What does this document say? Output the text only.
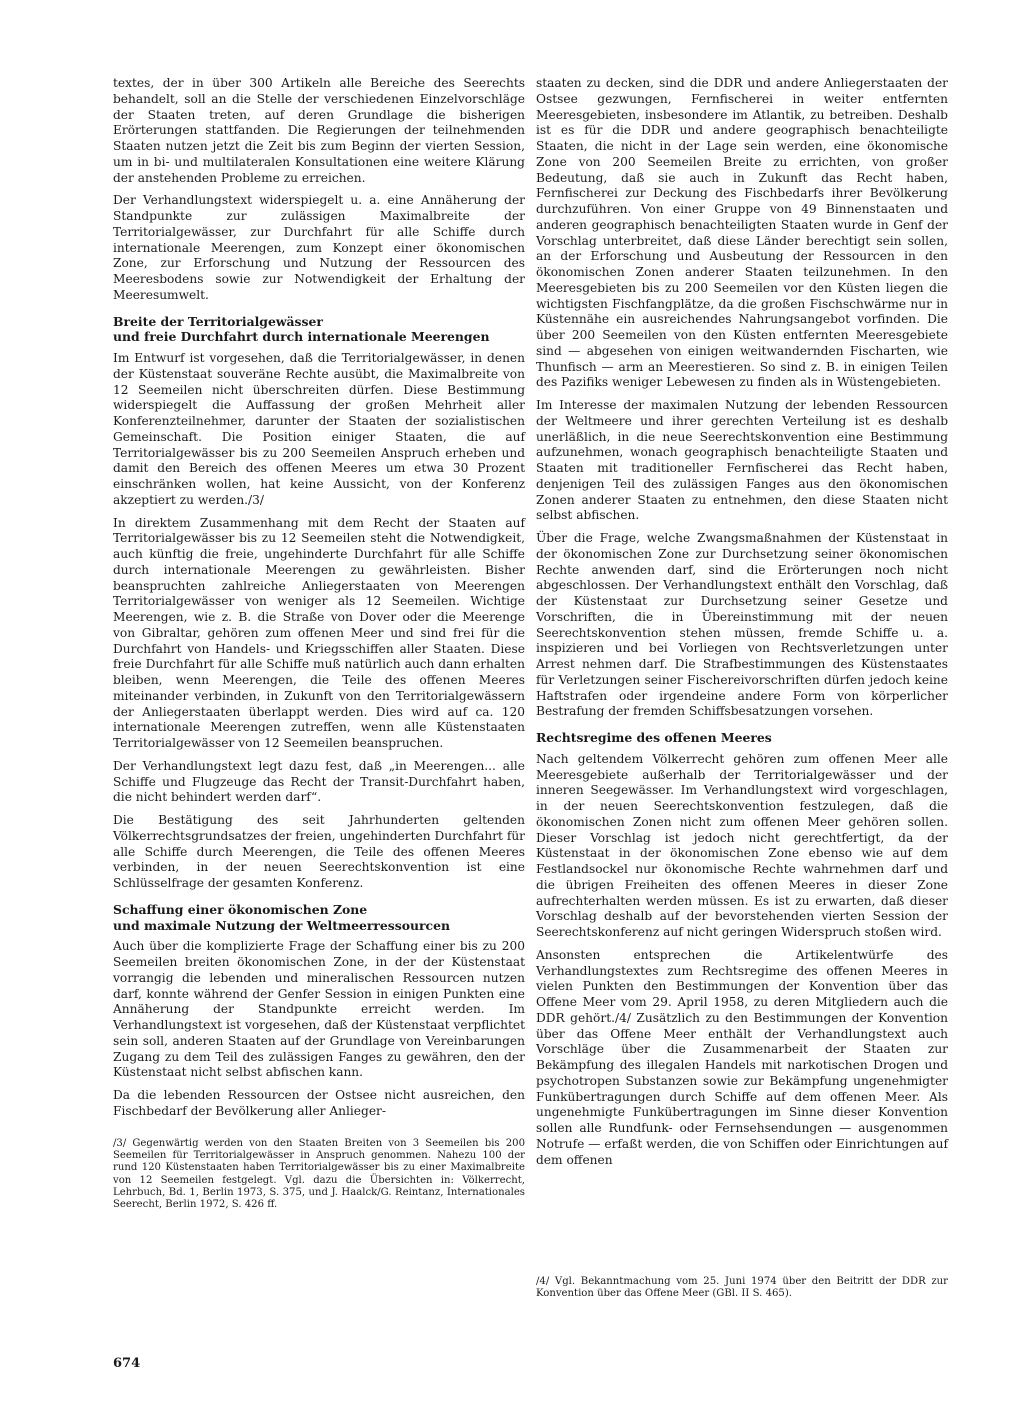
textes, der in über 300 Artikeln alle Bereiche des Seerechts behandelt, soll an die Stelle der verschiedenen Einzelvorschläge der Staaten treten, auf deren Grundlage die bisherigen Erörterungen stattfanden. Die Regierungen der teilnehmenden Staaten nutzen jetzt die Zeit bis zum Beginn der vierten Session, um in bi- und multilateralen Konsultationen eine weitere Klärung der anstehenden Probleme zu erreichen.

Der Verhandlungstext widerspiegelt u. a. eine Annäherung der Standpunkte zur zulässigen Maximalbreite der Territorialgewässer, zur Durchfahrt für alle Schiffe durch internationale Meerengen, zum Konzept einer ökonomischen Zone, zur Erforschung und Nutzung der Ressourcen des Meeresbodens sowie zur Notwendigkeit der Erhaltung der Meeresumwelt.

Breite der Territorialgewässer
und freie Durchfahrt durch internationale Meerengen

Im Entwurf ist vorgesehen, daß die Territorialgewässer, in denen der Küstenstaat souveräne Rechte ausübt, die Maximalbreite von 12 Seemeilen nicht überschreiten dürfen. Diese Bestimmung widerspiegelt die Auffassung der großen Mehrheit aller Konferenzteilnehmer, darunter der Staaten der sozialistischen Gemeinschaft. Die Position einiger Staaten, die auf Territorialgewässer bis zu 200 Seemeilen Anspruch erheben und damit den Bereich des offenen Meeres um etwa 30 Prozent einschränken wollen, hat keine Aussicht, von der Konferenz akzeptiert zu werden./3/

In direktem Zusammenhang mit dem Recht der Staaten auf Territorialgewässer bis zu 12 Seemeilen steht die Notwendigkeit, auch künftig die freie, ungehinderte Durchfahrt für alle Schiffe durch internationale Meerengen zu gewährleisten. Bisher beanspruchten zahlreiche Anliegerstaaten von Meerengen Territorialgewässer von weniger als 12 Seemeilen. Wichtige Meerengen, wie z. B. die Straße von Dover oder die Meerenge von Gibraltar, gehören zum offenen Meer und sind frei für die Durchfahrt von Handels- und Kriegsschiffen aller Staaten. Diese freie Durchfahrt für alle Schiffe muß natürlich auch dann erhalten bleiben, wenn Meerengen, die Teile des offenen Meeres miteinander verbinden, in Zukunft von den Territorialgewässern der Anliegerstaaten überlappt werden. Dies wird auf ca. 120 internationale Meerengen zutreffen, wenn alle Küstenstaaten Territorialgewässer von 12 Seemeilen beanspruchen.

Der Verhandlungstext legt dazu fest, daß „in Meerengen... alle Schiffe und Flugzeuge das Recht der Transit-Durchfahrt haben, die nicht behindert werden darf“.

Die Bestätigung des seit Jahrhunderten geltenden Völkerrechtsgrundsatzes der freien, ungehinderten Durchfahrt für alle Schiffe durch Meerengen, die Teile des offenen Meeres verbinden, in der neuen Seerechtskonvention ist eine Schlüsselfrage der gesamten Konferenz.

Schaffung einer ökonomischen Zone
und maximale Nutzung der Weltmeerressourcen

Auch über die komplizierte Frage der Schaffung einer bis zu 200 Seemeilen breiten ökonomischen Zone, in der der Küstenstaat vorrangig die lebenden und mineralischen Ressourcen nutzen darf, konnte während der Genfer Session in einigen Punkten eine Annäherung der Standpunkte erreicht werden. Im Verhandlungstext ist vorgesehen, daß der Küstenstaat verpflichtet sein soll, anderen Staaten auf der Grundlage von Vereinbarungen Zugang zu dem Teil des zulässigen Fanges zu gewähren, den der Küstenstaat nicht selbst abfischen kann.

Da die lebenden Ressourcen der Ostsee nicht ausreichen, den Fischbedarf der Bevölkerung aller Anlieger-

/3/ Gegenwärtig werden von den Staaten Breiten von 3 Seemeilen bis 200 Seemeilen für Territorialgewässer in Anspruch genommen. Nahezu 100 der rund 120 Küstenstaaten haben Territorialgewässer bis zu einer Maximalbreite von 12 Seemeilen festgelegt. Vgl. dazu die Übersichten in: Völkerrecht, Lehrbuch, Bd. 1, Berlin 1973, S. 375, und J. Haalck/G. Reintanz, Internationales Seerecht, Berlin 1972, S. 426 ff.

674

staaten zu decken, sind die DDR und andere Anliegerstaaten der Ostsee gezwungen, Fernfischerei in weiter entfernten Meeresgebieten, insbesondere im Atlantik, zu betreiben. Deshalb ist es für die DDR und andere geographisch benachteiligte Staaten, die nicht in der Lage sein werden, eine ökonomische Zone von 200 Seemeilen Breite zu errichten, von großer Bedeutung, daß sie auch in Zukunft das Recht haben, Fernfischerei zur Deckung des Fischbedarfs ihrer Bevölkerung durchzuführen. Von einer Gruppe von 49 Binnenstaaten und anderen geographisch benachteiligten Staaten wurde in Genf der Vorschlag unterbreitet, daß diese Länder berechtigt sein sollen, an der Erforschung und Ausbeutung der Ressourcen in den ökonomischen Zonen anderer Staaten teilzunehmen. In den Meeresgebieten bis zu 200 Seemeilen vor den Küsten liegen die wichtigsten Fischfangplätze, da die großen Fischschwärme nur in Küstennähe ein ausreichendes Nahrungsangebot vorfinden. Die über 200 Seemeilen von den Küsten entfernten Meeresgebiete sind — abgesehen von einigen weitwandernden Fischarten, wie Thunfisch — arm an Meerestieren. So sind z. B. in einigen Teilen des Pazifiks weniger Lebewesen zu finden als in Wüstengebieten.

Im Interesse der maximalen Nutzung der lebenden Ressourcen der Weltmeere und ihrer gerechten Verteilung ist es deshalb unerläßlich, in die neue Seerechtskonvention eine Bestimmung aufzunehmen, wonach geographisch benachteiligte Staaten und Staaten mit traditioneller Fernfischerei das Recht haben, denjenigen Teil des zulässigen Fanges aus den ökonomischen Zonen anderer Staaten zu entnehmen, den diese Staaten nicht selbst abfischen.

Über die Frage, welche Zwangsmaßnahmen der Küstenstaat in der ökonomischen Zone zur Durchsetzung seiner ökonomischen Rechte anwenden darf, sind die Erörterungen noch nicht abgeschlossen. Der Verhandlungstext enthält den Vorschlag, daß der Küstenstaat zur Durchsetzung seiner Gesetze und Vorschriften, die in Übereinstimmung mit der neuen Seerechtskonvention stehen müssen, fremde Schiffe u. a. inspizieren und bei Vorliegen von Rechtsverletzungen unter Arrest nehmen darf. Die Strafbestimmungen des Küstenstaates für Verletzungen seiner Fischereivorschriften dürfen jedoch keine Haftstrafen oder irgendeine andere Form von körperlicher Bestrafung der fremden Schiffsbesatzungen vorsehen.

Rechtsregime des offenen Meeres

Nach geltendem Völkerrecht gehören zum offenen Meer alle Meeresgebiete außerhalb der Territorialgewässer und der inneren Seegewässer. Im Verhandlungstext wird vorgeschlagen, in der neuen Seerechtskonvention festzulegen, daß die ökonomischen Zonen nicht zum offenen Meer gehören sollen. Dieser Vorschlag ist jedoch nicht gerechtfertigt, da der Küstenstaat in der ökonomischen Zone ebenso wie auf dem Festlandsockel nur ökonomische Rechte wahrnehmen darf und die übrigen Freiheiten des offenen Meeres in dieser Zone aufrechterhalten werden müssen. Es ist zu erwarten, daß dieser Vorschlag deshalb auf der bevorstehenden vierten Session der Seerechtskonferenz auf nicht geringen Widerspruch stoßen wird.

Ansonsten entsprechen die Artikelentwürfe des Verhandlungstextes zum Rechtsregime des offenen Meeres in vielen Punkten den Bestimmungen der Konvention über das Offene Meer vom 29. April 1958, zu deren Mitgliedern auch die DDR gehört./4/ Zusätzlich zu den Bestimmungen der Konvention über das Offene Meer enthält der Verhandlungstext auch Vorschläge über die Zusammenarbeit der Staaten zur Bekämpfung des illegalen Handels mit narkotischen Drogen und psychotropen Substanzen sowie zur Bekämpfung ungenehmigter Funkübertragungen durch Schiffe auf dem offenen Meer. Als ungenehmigte Funkübertragungen im Sinne dieser Konvention sollen alle Rundfunk- oder Fernsehsendungen — ausgenommen Notrufe — erfaßt werden, die von Schiffen oder Einrichtungen auf dem offenen

/4/ Vgl. Bekanntmachung vom 25. Juni 1974 über den Beitritt der DDR zur Konvention über das Offene Meer (GBl. II S. 465).
